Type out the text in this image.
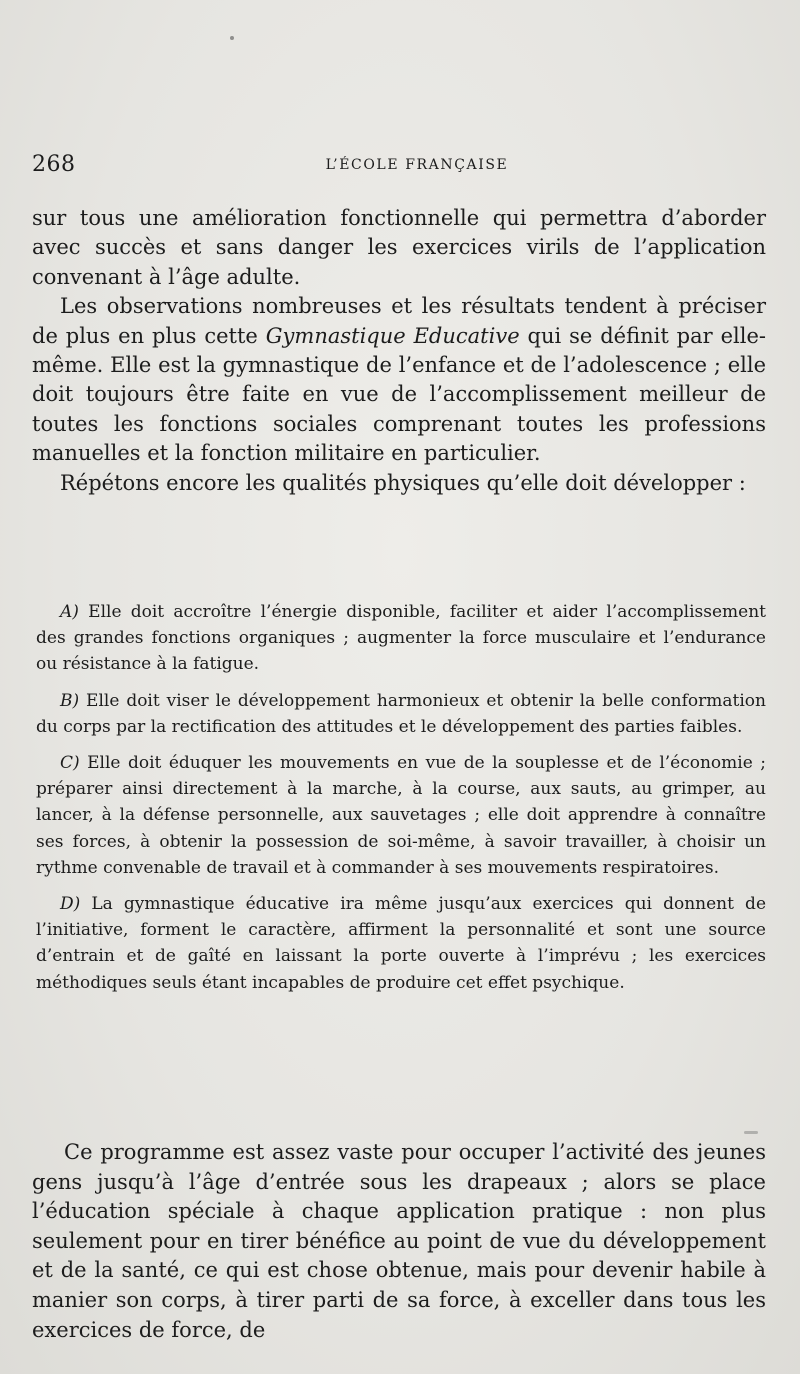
268	L’ÉCOLE FRANÇAISE

sur tous une amélioration fonctionnelle qui permettra d’aborder avec succès et sans danger les exercices virils de l’application convenant à l’âge adulte.

Les observations nombreuses et les résultats tendent à préciser de plus en plus cette Gymnastique Educative qui se définit par elle-même. Elle est la gymnastique de l’enfance et de l’adolescence ; elle doit toujours être faite en vue de l’accomplissement meilleur de toutes les fonctions sociales comprenant toutes les professions manuelles et la fonction militaire en particulier.

Répétons encore les qualités physiques qu’elle doit développer :

A) Elle doit accroître l’énergie disponible, faciliter et aider l’accomplissement des grandes fonctions organiques ; augmenter la force musculaire et l’endurance ou résistance à la fatigue.

B) Elle doit viser le développement harmonieux et obtenir la belle conformation du corps par la rectification des attitudes et le développement des parties faibles.

C) Elle doit éduquer les mouvements en vue de la souplesse et de l’économie ; préparer ainsi directement à la marche, à la course, aux sauts, au grimper, au lancer, à la défense personnelle, aux sauvetages ; elle doit apprendre à connaître ses forces, à obtenir la possession de soi-même, à savoir travailler, à choisir un rythme convenable de travail et à commander à ses mouvements respiratoires.

D) La gymnastique éducative ira même jusqu’aux exercices qui donnent de l’initiative, forment le caractère, affirment la personnalité et sont une source d’entrain et de gaîté en laissant la porte ouverte à l’imprévu ; les exercices méthodiques seuls étant incapables de produire cet effet psychique.

Ce programme est assez vaste pour occuper l’activité des jeunes gens jusqu’à l’âge d’entrée sous les drapeaux ; alors se place l’éducation spéciale à chaque application pratique : non plus seulement pour en tirer bénéfice au point de vue du développement et de la santé, ce qui est chose obtenue, mais pour devenir habile à manier son corps, à tirer parti de sa force, à exceller dans tous les exercices de force, de
